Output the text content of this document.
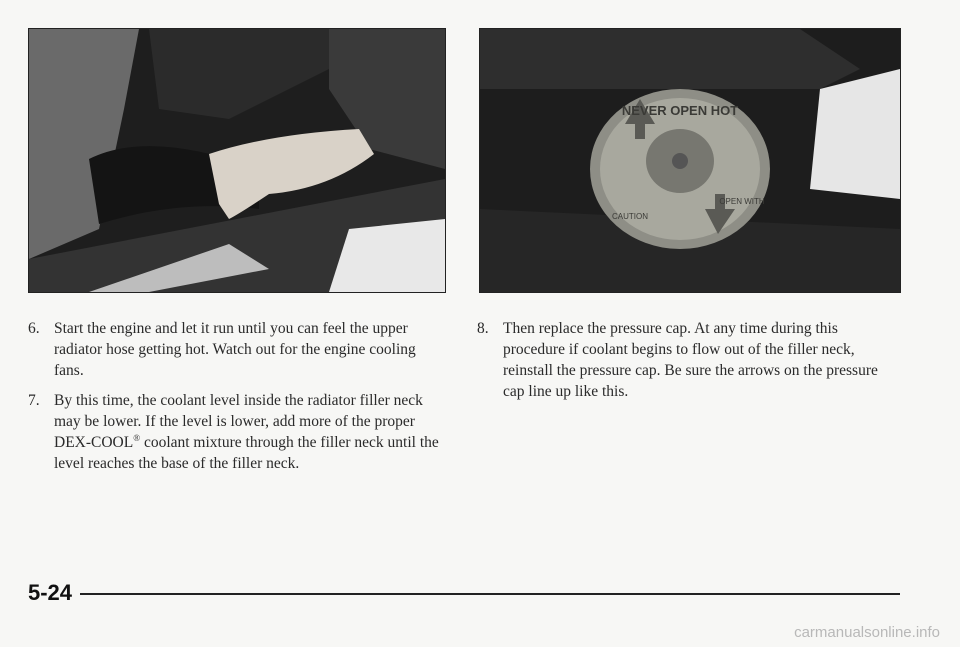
NEVER OPEN HOT
OPEN WITH
CAUTION
6. Start the engine and let it run until you can feel the upper radiator hose getting hot. Watch out for the engine cooling fans.
7. By this time, the coolant level inside the radiator filler neck may be lower. If the level is lower, add more of the proper DEX-COOL® coolant mixture through the filler neck until the level reaches the base of the filler neck.
8. Then replace the pressure cap. At any time during this procedure if coolant begins to flow out of the filler neck, reinstall the pressure cap. Be sure the arrows on the pressure cap line up like this.
5-24
carmanualsonline.info
